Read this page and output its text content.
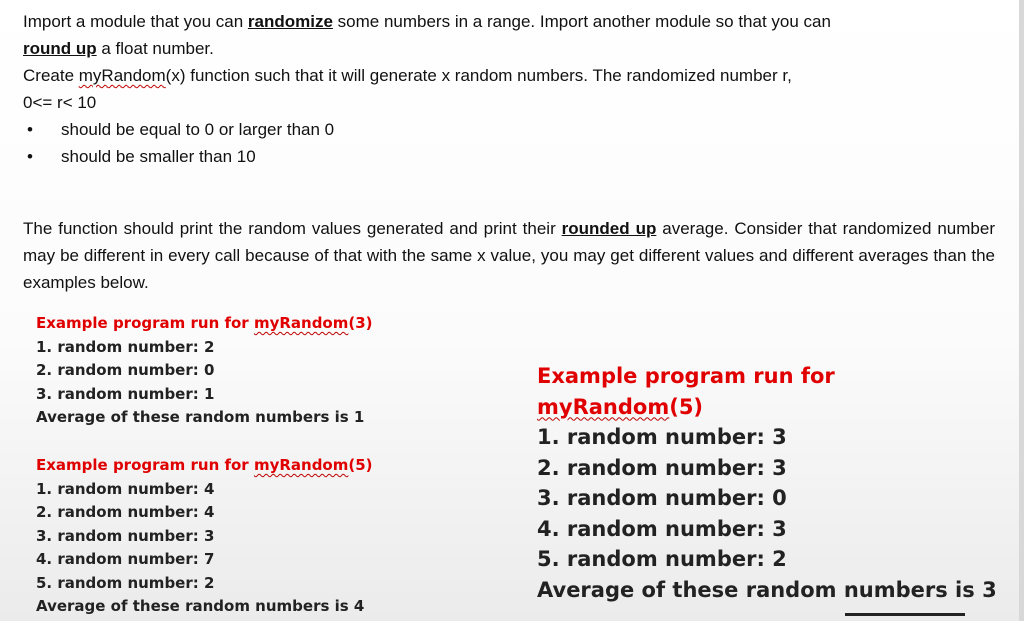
Import a module that you can randomize some numbers in a range. Import another module so that you can

round up a float number.

Create myRandom(x) function such that it will generate x random numbers. The randomized number r,

0<= r< 10

• should be equal to 0 or larger than 0
• should be smaller than 10

The function should print the random values generated and print their rounded up average. Consider that randomized number may be different in every call because of that with the same x value, you may get different values and different averages than the examples below.

Example program run for myRandom(3)
1. random number: 2
2. random number: 0
3. random number: 1
Average of these random numbers is 1
Example program run for myRandom(5)
1. random number: 4
2. random number: 4
3. random number: 3
4. random number: 7
5. random number: 2
Average of these random numbers is 4
Example program run for myRandom(5)
1. random number: 3
2. random number: 3
3. random number: 0
4. random number: 3
5. random number: 2
Average of these random numbers is 3
